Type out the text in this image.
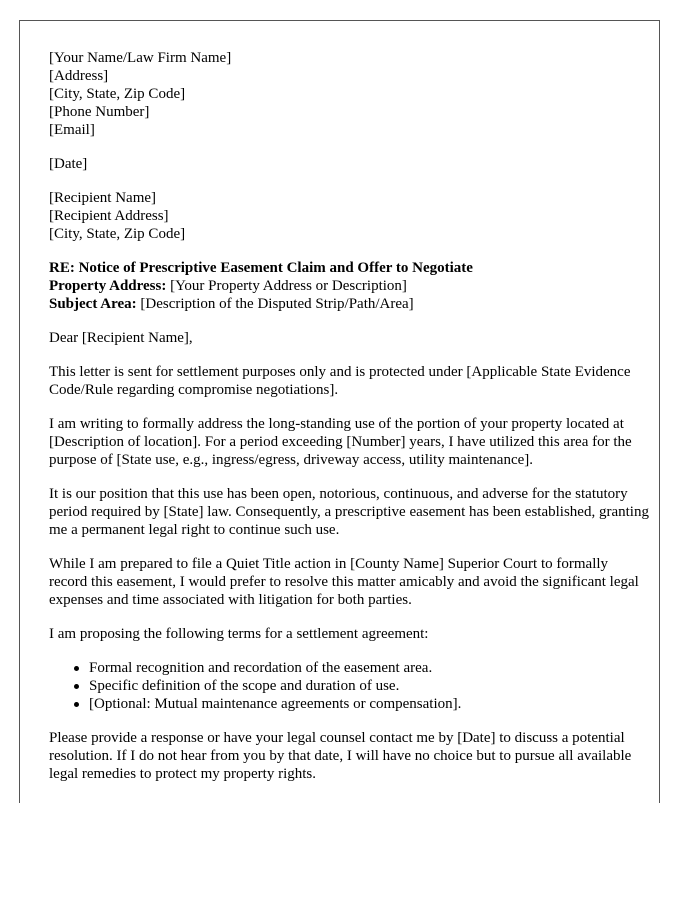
[Your Name/Law Firm Name]
[Address]
[City, State, Zip Code]
[Phone Number]
[Email]
[Date]
[Recipient Name]
[Recipient Address]
[City, State, Zip Code]
RE: Notice of Prescriptive Easement Claim and Offer to Negotiate
Property Address: [Your Property Address or Description]
Subject Area: [Description of the Disputed Strip/Path/Area]

Dear [Recipient Name],

This letter is sent for settlement purposes only and is protected under [Applicable State Evidence Code/Rule regarding compromise negotiations].

I am writing to formally address the long-standing use of the portion of your property located at [Description of location]. For a period exceeding [Number] years, I have utilized this area for the purpose of [State use, e.g., ingress/egress, driveway access, utility maintenance].

It is our position that this use has been open, notorious, continuous, and adverse for the statutory period required by [State] law. Consequently, a prescriptive easement has been established, granting me a permanent legal right to continue such use.

While I am prepared to file a Quiet Title action in [County Name] Superior Court to formally record this easement, I would prefer to resolve this matter amicably and avoid the significant legal expenses and time associated with litigation for both parties.

I am proposing the following terms for a settlement agreement:

Formal recognition and recordation of the easement area.
Specific definition of the scope and duration of use.
[Optional: Mutual maintenance agreements or compensation].

Please provide a response or have your legal counsel contact me by [Date] to discuss a potential resolution. If I do not hear from you by that date, I will have no choice but to pursue all available legal remedies to protect my property rights.
